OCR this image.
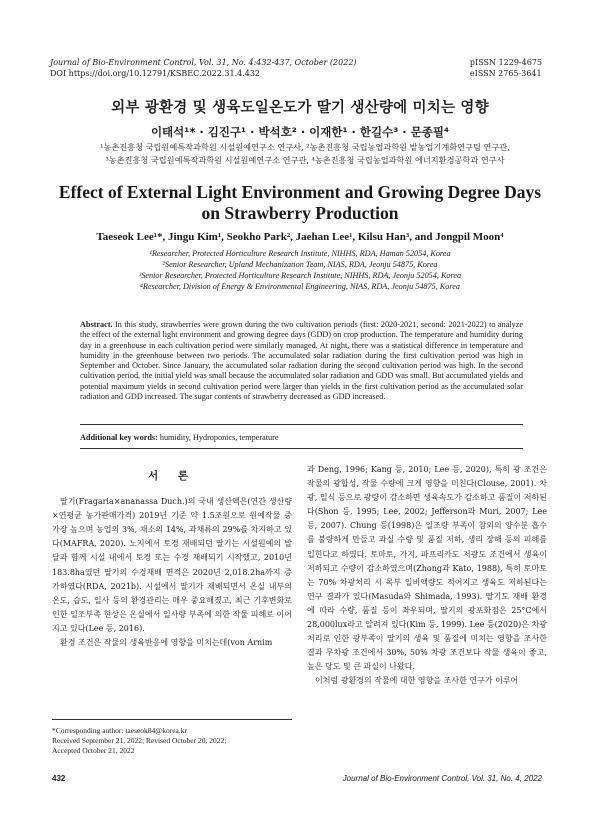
Journal of Bio-Environment Control, Vol. 31, No. 4:432-437, October (2022)
DOI https://doi.org/10.12791/KSBEC.2022.31.4.432
pISSN 1229-4675
eISSN 2765-3641
외부 광환경 및 생육도일온도가 딸기 생산량에 미치는 영향
이태석¹* · 김진구¹ · 박석호² · 이재한¹ · 한길수³ · 문종필⁴
¹농촌진흥청 국립원예특작과학원 시설원예연구소 연구사, ²농촌진흥청 국립농업과학원 밭농업기계화연구팀 연구관,
³농촌진흥청 국립원예특작과학원 시설원예연구소 연구관, ⁴농촌진흥청 국립농업과학원 에너지환경공학과 연구사
Effect of External Light Environment and Growing Degree Days
on Strawberry Production
Taeseok Lee¹*, Jingu Kim¹, Seokho Park², Jaehan Lee¹, Kilsu Han³, and Jongpil Moon⁴
¹Researcher, Protected Horticulture Research Institute, NIHHS, RDA, Haman 52054, Korea
²Senior Researcher, Upland Mechanization Team, NIAS, RDA, Jeonju 54875, Korea
³Senior Researcher, Protected Horticulture Research Institute, NIHHS, RDA, Jeonju 52054, Korea
⁴Researcher, Division of Energy & Environmental Engineering, NIAS, RDA, Jeonju 54875, Korea
Abstract. In this study, strawberries were grown during the two cultivation periods (first: 2020-2021, second: 2021-2022) to analyze the effect of the external light environment and growing degree days (GDD) on crop production. The temperature and humidity during day in a greenhouse in each cultivation period were similarly managed. At night, there was a statistical difference in temperature and humidity in the greenhouse between two periods. The accumulated solar radiation during the first cultivation period was high in September and October. Since January, the accumulated solar radiation during the second cultivation period was high. In the second cultivation period, the initial yield was small because the accumulated solar radiation and GDD was small. But accumulated yields and potential maximum yields in second cultivation period were larger than yields in the first cultivation period as the accumulated solar radiation and GDD increased. The sugar contents of strawberry decreased as GDD increased.
Additional key words: humidity, Hydroponics, temperature
서 론

딸기(Fragaria×ananassa Duch.)의 국내 생산액은(연간 생산량×연평균 농가판매가격) 2019년 기준 약 1.5조원으로 원예작물 중 가장 높으며 농업의 3%, 채소의 14%, 과채류의 29%를 차지하고 있다(MAFRA, 2020). 노지에서 토경 재배되던 딸기는 시설원예의 발달과 함께 시설 내에서 토경 또는 수경 재배되기 시작했고, 2010년 183.8ha였던 딸기의 수경재배 면적은 2020년 2,018.2ha까지 증가하였다(RDA, 2021b). 시설에서 딸기가 재배되면서 온실 내부의 온도, 습도, 일사 등의 환경관리는 매우 중요해졌고, 최근 기후변화로 인한 일조부족 현상은 온실에서 일사량 부족에 의한 작물 피해로 이어지고 있다(Lee 등, 2016).

환경 조건은 작물의 생육반응에 영향을 미치는데(von Arnim

과 Deng, 1996; Kang 등, 2010; Lee 등, 2020), 특히 광 조건은 작물의 광합성, 작물 수량에 크게 영향을 미친다(Clouse, 2001). 차광, 밀식 등으로 광량이 감소하면 생육속도가 감소하고 품질이 저하된다(Shon 등, 1995; Lee, 2002; Jefferson과 Muri, 2007; Lee 등, 2007). Chung 등(1998)은 일조량 부족이 참외의 양수분 흡수를 불량하게 만들고 과실 수량 및 품질 저하, 생리 장해 등의 피해를 입힌다고 하였다. 토마토, 가지, 파프리카도 저광도 조건에서 생육이 저하되고 수량이 감소하였으며(Zhong과 Kato, 1988), 특히 토마토는 70% 차광처리 시 목부 일비액량도 적어지고 생육도 저하된다는 연구 결과가 있다(Masuda와 Shimada, 1993). 딸기도 재배 환경에 따라 수량, 품질 등이 좌우되며, 딸기의 광포화점은 25°C에서 28,000lux라고 알려져 있다(Kim 등, 1999). Lee 등(2020)은 차광처리로 인한 광부족이 딸기의 생육 및 품질에 미치는 영향을 조사한 결과 무차광 조건에서 30%, 50% 차광 조건보다 작물 생육이 좋고, 높은 당도 및 큰 과실이 나왔다.

이처럼 광환경의 작물에 대한 영향을 조사한 연구가 이루어

*Corresponding author: taeseok84@korea.kr
Received September 21, 2022; Revised October 20, 2022;
Accepted October 21, 2022
432	Journal of Bio-Environment Control, Vol. 31, No. 4, 2022
